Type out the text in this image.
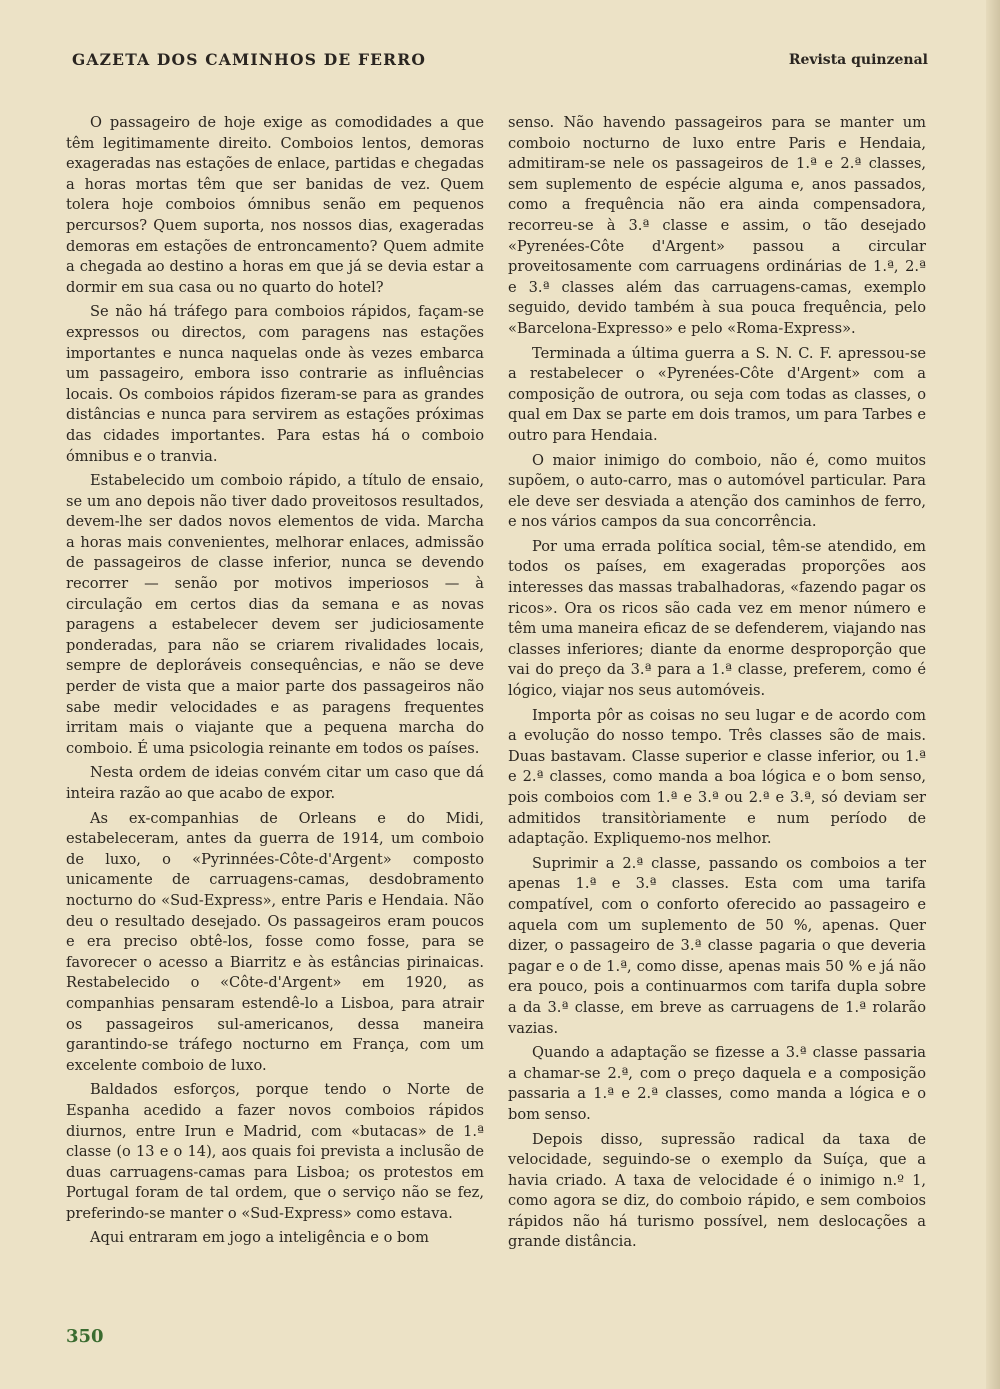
GAZETA DOS CAMINHOS DE FERRO	Revista quinzenal

O passageiro de hoje exige as comodidades a que têm legitimamente direito. Comboios lentos, demoras exageradas nas estações de enlace, partidas e chegadas a horas mortas têm que ser banidas de vez. Quem tolera hoje comboios ómnibus senão em pequenos percursos? Quem suporta, nos nossos dias, exageradas demoras em estações de entroncamento? Quem admite a chegada ao destino a horas em que já se devia estar a dormir em sua casa ou no quarto do hotel?

Se não há tráfego para comboios rápidos, façam-se expressos ou directos, com paragens nas estações importantes e nunca naquelas onde às vezes embarca um passageiro, embora isso contrarie as influências locais. Os comboios rápidos fizeram-se para as grandes distâncias e nunca para servirem as estações próximas das cidades importantes. Para estas há o comboio ómnibus e o tranvia.

Estabelecido um comboio rápido, a título de ensaio, se um ano depois não tiver dado proveitosos resultados, devem-lhe ser dados novos elementos de vida. Marcha a horas mais convenientes, melhorar enlaces, admissão de passageiros de classe inferior, nunca se devendo recorrer — senão por motivos imperiosos — à circulação em certos dias da semana e as novas paragens a estabelecer devem ser judiciosamente ponderadas, para não se criarem rivalidades locais, sempre de deploráveis consequências, e não se deve perder de vista que a maior parte dos passageiros não sabe medir velocidades e as paragens frequentes irritam mais o viajante que a pequena marcha do comboio. É uma psicologia reinante em todos os países.

Nesta ordem de ideias convém citar um caso que dá inteira razão ao que acabo de expor.

As ex-companhias de Orleans e do Midi, estabeleceram, antes da guerra de 1914, um comboio de luxo, o «Pyrinnées-Côte-d'Argent» composto unicamente de carruagens-camas, desdobramento nocturno do «Sud-Express», entre Paris e Hendaia. Não deu o resultado desejado. Os passageiros eram poucos e era preciso obtê-los, fosse como fosse, para se favorecer o acesso a Biarritz e às estâncias pirinaicas. Restabelecido o «Côte-d'Argent» em 1920, as companhias pensaram estendê-lo a Lisboa, para atrair os passageiros sul-americanos, dessa maneira garantindo-se tráfego nocturno em França, com um excelente comboio de luxo.

Baldados esforços, porque tendo o Norte de Espanha acedido a fazer novos comboios rápidos diurnos, entre Irun e Madrid, com «butacas» de 1.ª classe (o 13 e o 14), aos quais foi prevista a inclusão de duas carruagens-camas para Lisboa; os protestos em Portugal foram de tal ordem, que o serviço não se fez, preferindo-se manter o «Sud-Express» como estava.

Aqui entraram em jogo a inteligência e o bom

senso. Não havendo passageiros para se manter um comboio nocturno de luxo entre Paris e Hendaia, admitiram-se nele os passageiros de 1.ª e 2.ª classes, sem suplemento de espécie alguma e, anos passados, como a frequência não era ainda compensadora, recorreu-se à 3.ª classe e assim, o tão desejado «Pyrenées-Côte d'Argent» passou a circular proveitosamente com carruagens ordinárias de 1.ª, 2.ª e 3.ª classes além das carruagens-camas, exemplo seguido, devido também à sua pouca frequência, pelo «Barcelona-Expresso» e pelo «Roma-Express».

Terminada a última guerra a S. N. C. F. apressou-se a restabelecer o «Pyrenées-Côte d'Argent» com a composição de outrora, ou seja com todas as classes, o qual em Dax se parte em dois tramos, um para Tarbes e outro para Hendaia.

O maior inimigo do comboio, não é, como muitos supõem, o auto-carro, mas o automóvel particular. Para ele deve ser desviada a atenção dos caminhos de ferro, e nos vários campos da sua concorrência.

Por uma errada política social, têm-se atendido, em todos os países, em exageradas proporções aos interesses das massas trabalhadoras, «fazendo pagar os ricos». Ora os ricos são cada vez em menor número e têm uma maneira eficaz de se defenderem, viajando nas classes inferiores; diante da enorme desproporção que vai do preço da 3.ª para a 1.ª classe, preferem, como é lógico, viajar nos seus automóveis.

Importa pôr as coisas no seu lugar e de acordo com a evolução do nosso tempo. Três classes são de mais. Duas bastavam. Classe superior e classe inferior, ou 1.ª e 2.ª classes, como manda a boa lógica e o bom senso, pois comboios com 1.ª e 3.ª ou 2.ª e 3.ª, só deviam ser admitidos transitòriamente e num período de adaptação. Expliquemo-nos melhor.

Suprimir a 2.ª classe, passando os comboios a ter apenas 1.ª e 3.ª classes. Esta com uma tarifa compatível, com o conforto oferecido ao passageiro e aquela com um suplemento de 50 %, apenas. Quer dizer, o passageiro de 3.ª classe pagaria o que deveria pagar e o de 1.ª, como disse, apenas mais 50 % e já não era pouco, pois a continuarmos com tarifa dupla sobre a da 3.ª classe, em breve as carruagens de 1.ª rolarão vazias.

Quando a adaptação se fizesse a 3.ª classe passaria a chamar-se 2.ª, com o preço daquela e a composição passaria a 1.ª e 2.ª classes, como manda a lógica e o bom senso.

Depois disso, supressão radical da taxa de velocidade, seguindo-se o exemplo da Suíça, que a havia criado. A taxa de velocidade é o inimigo n.º 1, como agora se diz, do comboio rápido, e sem comboios rápidos não há turismo possível, nem deslocações a grande distância.

350
